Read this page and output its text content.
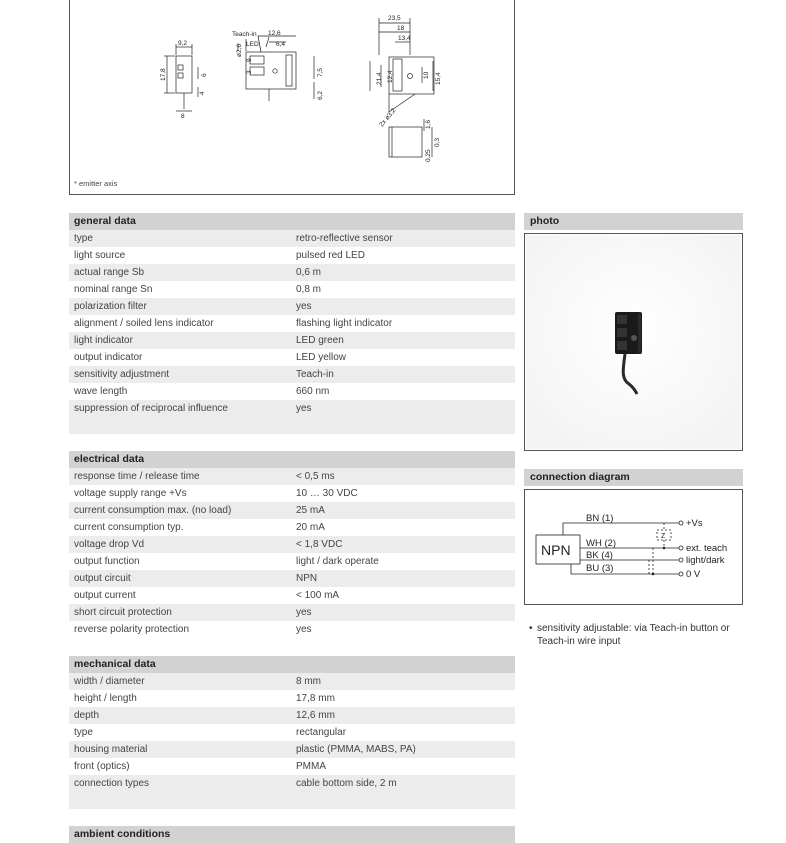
Teach-in 12,6
LED	6,4
ø2,6
9
3	7,5
6,2
9,2
17,8	6
4
8
23,5
18
13,4
21,4 12,4	10 15,4
2x ø3,2	1,6
0,3
0,25
* emitter axis
general data
type	retro-reflective sensor
light source	pulsed red LED
actual range Sb	0,6 m
nominal range Sn	0,8 m
polarization filter	yes
alignment / soiled lens indicator	flashing light indicator
light indicator	LED green
output indicator	LED yellow
sensitivity adjustment	Teach-in
wave length	660 nm
suppression of reciprocal influence	yes
electrical data
response time / release time	< 0,5 ms
voltage supply range +Vs	10 … 30 VDC
current consumption max. (no load)	25 mA
current consumption typ.	20 mA
voltage drop Vd	< 1,8 VDC
output function	light / dark operate
output circuit	NPN
output current	< 100 mA
short circuit protection	yes
reverse polarity protection	yes
mechanical data
width / diameter	8 mm
height / length	17,8 mm
depth	12,6 mm
type	rectangular
housing material	plastic (PMMA, MABS, PA)
front (optics)	PMMA
connection types	cable bottom side, 2 m
ambient conditions
photo
connection diagram
NPN
BN (1)
WH (2)
BK (4)
BU (3)
Z
+Vs
ext. teach
light/dark
0 V
• sensitivity adjustable: via Teach-in button or Teach-in wire input
